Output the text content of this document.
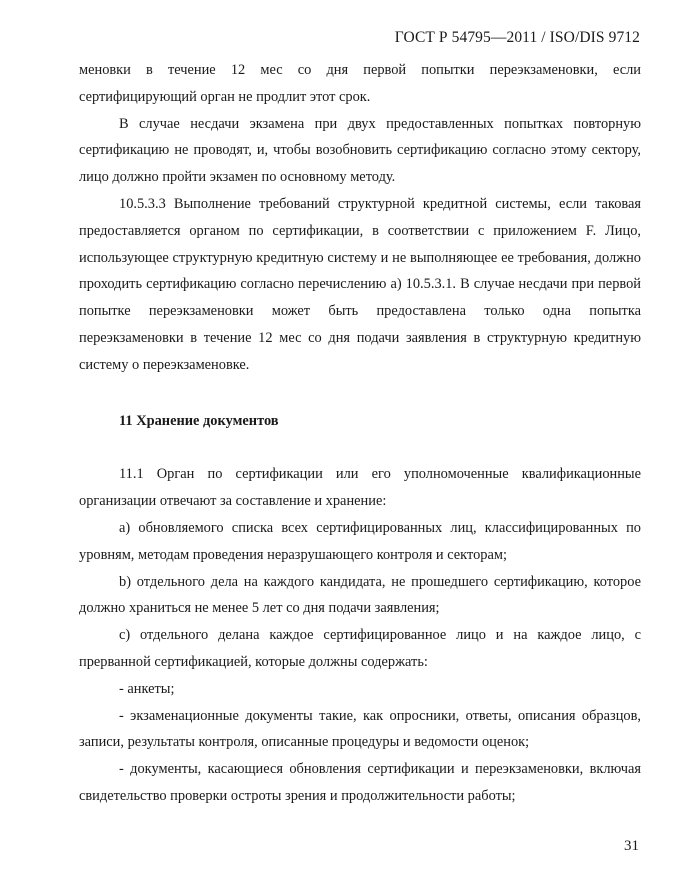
ГОСТ Р 54795—2011 / ISO/DIS 9712

меновки в течение 12 мес со дня первой попытки переэкзаменовки, если сертифицирующий орган не продлит этот срок.

В случае несдачи экзамена при двух предоставленных попытках повторную сертификацию не проводят, и, чтобы возобновить сертификацию согласно этому сектору, лицо должно пройти экзамен по основному методу.

10.5.3.3 Выполнение требований структурной кредитной системы, если таковая предоставляется органом по сертификации, в соответствии с приложением F. Лицо, использующее структурную кредитную систему и не выполняющее ее требования, должно проходить сертификацию согласно перечислению а) 10.5.3.1. В случае несдачи при первой попытке переэкзаменовки может быть предоставлена только одна попытка переэкзаменовки в течение 12 мес со дня подачи заявления в структурную кредитную систему о переэкзаменовке.

11 Хранение документов

11.1 Орган по сертификации или его уполномоченные квалификационные организации отвечают за составление и хранение:

а) обновляемого списка всех сертифицированных лиц, классифицированных по уровням, методам проведения неразрушающего контроля и секторам;

b) отдельного дела на каждого кандидата, не прошедшего сертификацию, которое должно храниться не менее 5 лет со дня подачи заявления;

с) отдельного делана каждое сертифицированное лицо и на каждое лицо, с прерванной сертификацией, которые должны содержать:

- анкеты;

- экзаменационные документы такие, как опросники, ответы, описания образцов, записи, результаты контроля, описанные процедуры и ведомости оценок;

- документы, касающиеся обновления сертификации и переэкзаменовки, включая свидетельство проверки остроты зрения и продолжительности работы;

31
